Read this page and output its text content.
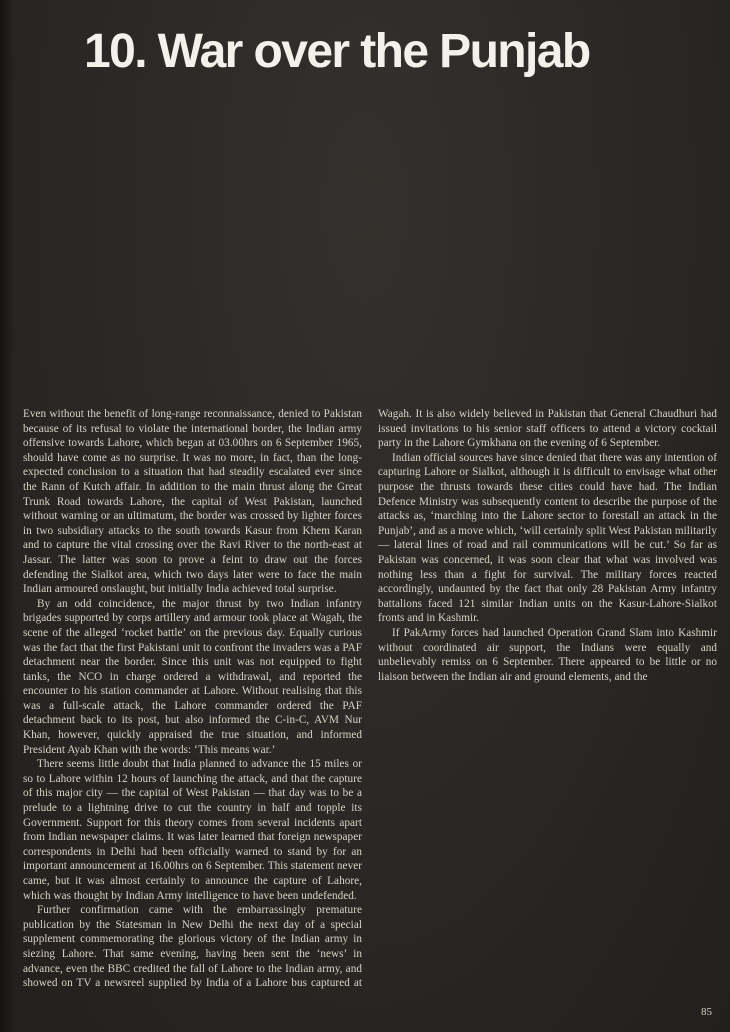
10. War over the Punjab

Even without the benefit of long-range reconnaissance, denied to Pakistan because of its refusal to violate the international border, the Indian army offensive towards Lahore, which began at 03.00hrs on 6 September 1965, should have come as no surprise. It was no more, in fact, than the long-expected conclusion to a situation that had steadily escalated ever since the Rann of Kutch affair. In addition to the main thrust along the Great Trunk Road towards Lahore, the capital of West Pakistan, launched without warning or an ultimatum, the border was crossed by lighter forces in two subsidiary attacks to the south towards Kasur from Khem Karan and to capture the vital crossing over the Ravi River to the north-east at Jassar. The latter was soon to prove a feint to draw out the forces defending the Sialkot area, which two days later were to face the main Indian armoured onslaught, but initially India achieved total surprise.

By an odd coincidence, the major thrust by two Indian infantry brigades supported by corps artillery and armour took place at Wagah, the scene of the alleged ‘rocket battle’ on the previous day. Equally curious was the fact that the first Pakistani unit to confront the invaders was a PAF detachment near the border. Since this unit was not equipped to fight tanks, the NCO in charge ordered a withdrawal, and reported the encounter to his station commander at Lahore. Without realising that this was a full-scale attack, the Lahore commander ordered the PAF detachment back to its post, but also informed the C-in-C, AVM Nur Khan, however, quickly appraised the true situation, and informed President Ayab Khan with the words: ‘This means war.’

There seems little doubt that India planned to advance the 15 miles or so to Lahore within 12 hours of launching the attack, and that the capture of this major city — the capital of West Pakistan — that day was to be a prelude to a lightning drive to cut the country in half and topple its Government. Support for this theory comes from several incidents apart from Indian newspaper claims. It was later learned that foreign newspaper correspondents in Delhi had been officially warned to stand by for an important announcement at 16.00hrs on 6 September. This statement never came, but it was almost certainly to announce the capture of Lahore, which was thought by Indian Army intelligence to have been undefended.

Further confirmation came with the embarrassingly premature publication by the Statesman in New Delhi the next day of a special supplement commemorating the glorious victory of the Indian army in siezing Lahore. That same evening, having been sent the ‘news’ in advance, even the BBC credited the fall of Lahore to the Indian army, and showed on TV a newsreel supplied by India of a Lahore bus captured at Wagah. It is also widely believed in Pakistan that General Chaudhuri had issued invitations to his senior staff officers to attend a victory cocktail party in the Lahore Gymkhana on the evening of 6 September.

Indian official sources have since denied that there was any intention of capturing Lahore or Sialkot, although it is difficult to envisage what other purpose the thrusts towards these cities could have had. The Indian Defence Ministry was subsequently content to describe the purpose of the attacks as, ‘marching into the Lahore sector to forestall an attack in the Punjab’, and as a move which, ‘will certainly split West Pakistan militarily — lateral lines of road and rail communications will be cut.’ So far as Pakistan was concerned, it was soon clear that what was involved was nothing less than a fight for survival. The military forces reacted accordingly, undaunted by the fact that only 28 Pakistan Army infantry battalions faced 121 similar Indian units on the Kasur-Lahore-Sialkot fronts and in Kashmir.

If PakArmy forces had launched Operation Grand Slam into Kashmir without coordinated air support, the Indians were equally and unbelievably remiss on 6 September. There appeared to be little or no liaison between the Indian air and ground elements, and the

85
